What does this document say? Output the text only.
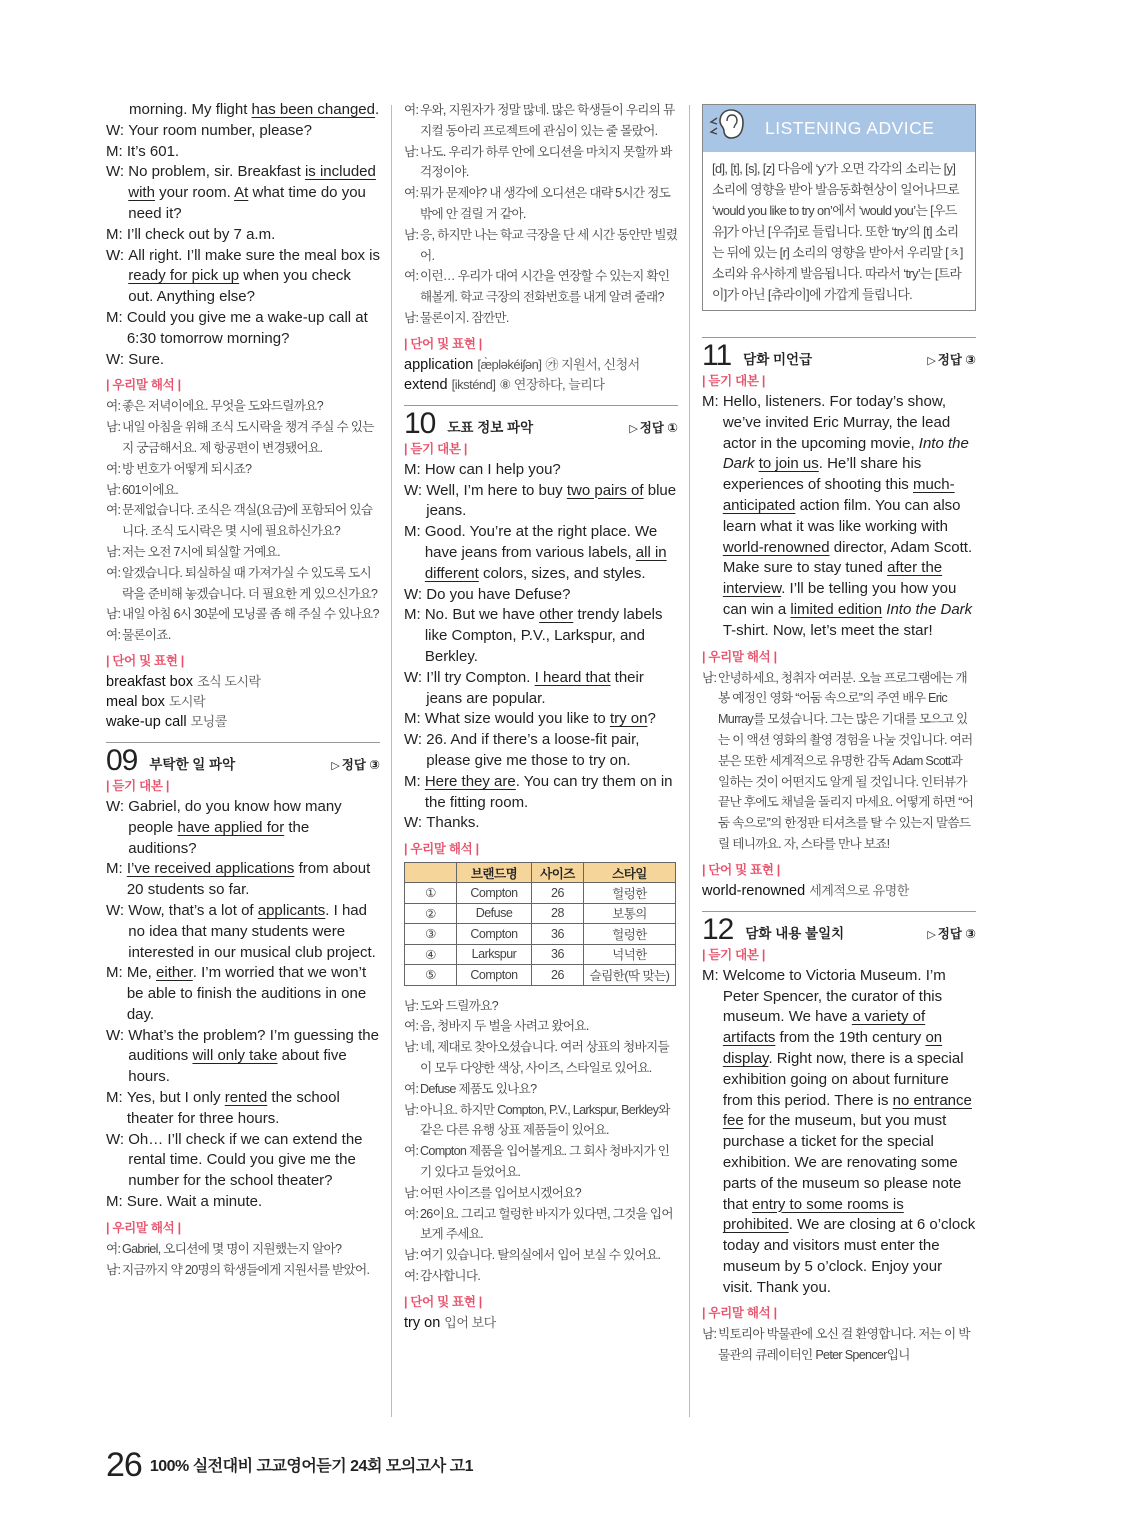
morning. My flight has been changed.
W: Your room number, please?
M: It’s 601.
W: No problem, sir. Breakfast is included with your room. At what time do you need it?
M: I’ll check out by 7 a.m.
W: All right. I’ll make sure the meal box is ready for pick up when you check out. Anything else?
M: Could you give me a wake-up call at 6:30 tomorrow morning?
W: Sure.
| 우리말 해석 |
여:
좋은 저녁이에요. 무엇을 도와드릴까요?
남:
내일 아침을 위해 조식 도시락을 챙겨 주실 수 있는지 궁금해서요. 제 항공편이 변경됐어요.
여:
방 번호가 어떻게 되시죠?
남:
601이에요.
여:
문제없습니다. 조식은 객실(요금)에 포함되어 있습니다. 조식 도시락은 몇 시에 필요하신가요?
남:
저는 오전 7시에 퇴실할 거예요.
여:
알겠습니다. 퇴실하실 때 가져가실 수 있도록 도시락을 준비해 놓겠습니다. 더 필요한 게 있으신가요?
남:
내일 아침 6시 30분에 모닝콜 좀 해 주실 수 있나요?
여:
물론이죠.
| 단어 및 표현 |
breakfast box 조식 도시락
meal box 도시락
wake-up call 모닝콜
09 부탁한 일 파악	▷ 정답 ③
| 듣기 대본 |
W: Gabriel, do you know how many people have applied for the auditions?
M: I’ve received applications from about 20 students so far.
W: Wow, that’s a lot of applicants. I had no idea that many students were interested in our musical club project.
M: Me, either. I’m worried that we won’t be able to finish the auditions in one day.
W: What’s the problem? I’m guessing the auditions will only take about five hours.
M: Yes, but I only rented the school theater for three hours.
W: Oh… I’ll check if we can extend the rental time. Could you give me the number for the school theater?
M: Sure. Wait a minute.
| 우리말 해석 |
여:
Gabriel, 오디션에 몇 명이 지원했는지 알아?
남:
지금까지 약 20명의 학생들에게 지원서를 받았어.
여:
우와, 지원자가 정말 많네. 많은 학생들이 우리의 뮤지컬 동아리 프로젝트에 관심이 있는 줄 몰랐어.
남:
나도. 우리가 하루 안에 오디션을 마치지 못할까 봐 걱정이야.
여:
뭐가 문제야? 내 생각에 오디션은 대략 5시간 정도밖에 안 걸릴 거 같아.
남:
응, 하지만 나는 학교 극장을 단 세 시간 동안만 빌렸어.
여:
이런… 우리가 대여 시간을 연장할 수 있는지 확인해볼게. 학교 극장의 전화번호를 내게 알려 줄래?
남:
물론이지. 잠깐만.
| 단어 및 표현 |
application [æ̀pləkéiʃən] ㉮ 지원서, 신청서
extend [iksténd] ⑧ 연장하다, 늘리다
10 도표 정보 파악	▷ 정답 ①
| 듣기 대본 |
M: How can I help you?
W: Well, I’m here to buy two pairs of blue jeans.
M: Good. You’re at the right place. We have jeans from various labels, all in different colors, sizes, and styles.
W: Do you have Defuse?
M: No. But we have other trendy labels like Compton, P.V., Larkspur, and Berkley.
W: I’ll try Compton. I heard that their jeans are popular.
M: What size would you like to try on?
W: 26. And if there’s a loose-fit pair, please give me those to try on.
M: Here they are. You can try them on in the fitting room.
W: Thanks.
| 우리말 해석 |
	브랜드명	사이즈	스타일
①	Compton	26	헐렁한
②	Defuse	28	보통의
③	Compton	36	헐렁한
④	Larkspur	36	넉넉한
⑤	Compton	26	슬림한(딱 맞는)
남:
도와 드릴까요?
여:
음, 청바지 두 벌을 사려고 왔어요.
남:
네, 제대로 찾아오셨습니다. 여러 상표의 청바지들이 모두 다양한 색상, 사이즈, 스타일로 있어요.
여:
Defuse 제품도 있나요?
남:
아니요. 하지만 Compton, P.V., Larkspur, Berkley와 같은 다른 유행 상표 제품들이 있어요.
여:
Compton 제품을 입어볼게요. 그 회사 청바지가 인기 있다고 들었어요.
남:
어떤 사이즈를 입어보시겠어요?
여:
26이요. 그리고 헐렁한 바지가 있다면, 그것을 입어보게 주세요.
남:
여기 있습니다. 탈의실에서 입어 보실 수 있어요.
여:
감사합니다.
| 단어 및 표현 |
try on 입어 보다
LISTENING ADVICE
[d], [t], [s], [z] 다음에 ‘y’가 오면 각각의 소리는 [y] 소리에 영향을 받아 발음동화현상이 일어나므로 ‘would you like to try on’에서 ‘would you’는 [우드 유]가 아닌 [우쥬]로 들립니다. 또한 ‘try’의 [t] 소리는 뒤에 있는 [r] 소리의 영향을 받아서 우리말 [ㅊ] 소리와 유사하게 발음됩니다. 따라서 ‘try’는 [트라이]가 아닌 [츄라이]에 가깝게 들립니다.
11 담화 미언급	▷ 정답 ③
| 듣기 대본 |
M: Hello, listeners. For today’s show, we’ve invited Eric Murray, the lead actor in the upcoming movie, Into the Dark to join us. He’ll share his experiences of shooting this much-anticipated action film. You can also learn what it was like working with world-renowned director, Adam Scott. Make sure to stay tuned after the interview. I’ll be telling you how you can win a limited edition Into the Dark T-shirt. Now, let’s meet the star!
| 우리말 해석 |
남:
안녕하세요, 청취자 여러분. 오늘 프로그램에는 개봉 예정인 영화 “어둠 속으로”의 주연 배우 Eric Murray를 모셨습니다. 그는 많은 기대를 모으고 있는 이 액션 영화의 촬영 경험을 나눌 것입니다. 여러분은 또한 세계적으로 유명한 감독 Adam Scott과 일하는 것이 어떤지도 알게 될 것입니다. 인터뷰가 끝난 후에도 채널을 돌리지 마세요. 어떻게 하면 “어둠 속으로”의 한정판 티셔츠를 탈 수 있는지 말씀드릴 테니까요. 자, 스타를 만나 보죠!
| 단어 및 표현 |
world-renowned 세계적으로 유명한
12 담화 내용 불일치	▷ 정답 ③
| 듣기 대본 |
M: Welcome to Victoria Museum. I’m Peter Spencer, the curator of this museum. We have a variety of artifacts from the 19th century on display. Right now, there is a special exhibition going on about furniture from this period. There is no entrance fee for the museum, but you must purchase a ticket for the special exhibition. We are renovating some parts of the museum so please note that entry to some rooms is prohibited. We are closing at 6 o’clock today and visitors must enter the museum by 5 o’clock. Enjoy your visit. Thank you.
| 우리말 해석 |
남:
빅토리아 박물관에 오신 걸 환영합니다. 저는 이 박물관의 큐레이터인 Peter Spencer입니
26 100% 실전대비 고교영어듣기 24회 모의고사 고1
